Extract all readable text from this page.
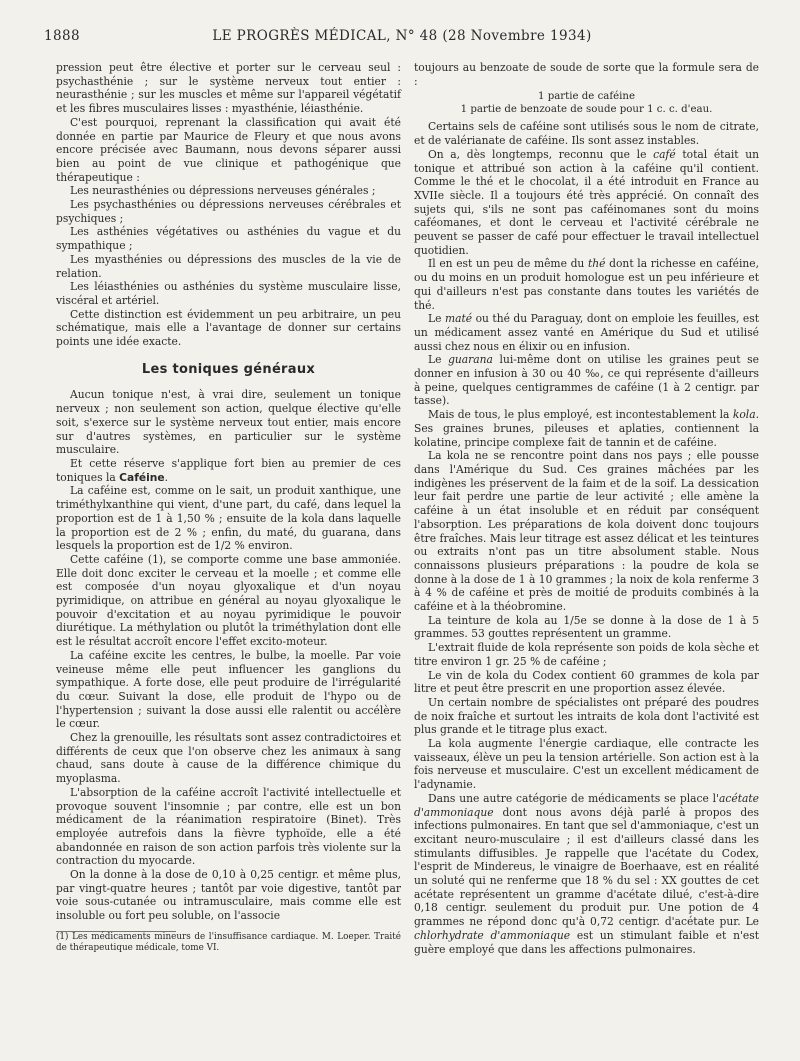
1888	LE PROGRÈS MÉDICAL, N° 48 (28 Novembre 1934)

pression peut être élective et porter sur le cerveau seul : psychasthénie ; sur le système nerveux tout entier : neurasthénie ; sur les muscles et même sur l'appareil végétatif et les fibres musculaires lisses : myasthénie, léiasthénie.

C'est pourquoi, reprenant la classification qui avait été donnée en partie par Maurice de Fleury et que nous avons encore précisée avec Baumann, nous devons séparer aussi bien au point de vue clinique et pathogénique que thérapeutique :

Les neurasthénies ou dépressions nerveuses générales ;

Les psychasthénies ou dépressions nerveuses cérébrales et psychiques ;

Les asthénies végétatives ou asthénies du vague et du sympathique ;

Les myasthénies ou dépressions des muscles de la vie de relation.

Les léiasthénies ou asthénies du système musculaire lisse, viscéral et artériel.

Cette distinction est évidemment un peu arbitraire, un peu schématique, mais elle a l'avantage de donner sur certains points une idée exacte.

Les toniques généraux

Aucun tonique n'est, à vrai dire, seulement un tonique nerveux ; non seulement son action, quelque élective qu'elle soit, s'exerce sur le système nerveux tout entier, mais encore sur d'autres systèmes, en particulier sur le système musculaire.

Et cette réserve s'applique fort bien au premier de ces toniques la Caféine.

La caféine est, comme on le sait, un produit xanthique, une triméthylxanthine qui vient, d'une part, du café, dans lequel la proportion est de 1 à 1,50 % ; ensuite de la kola dans laquelle la proportion est de 2 % ; enfin, du maté, du guarana, dans lesquels la proportion est de 1/2 % environ.

Cette caféine (1), se comporte comme une base ammoniée. Elle doit donc exciter le cerveau et la moelle ; et comme elle est composée d'un noyau glyoxalique et d'un noyau pyrimidique, on attribue en général au noyau glyoxalique le pouvoir d'excitation et au noyau pyrimidique le pouvoir diurétique. La méthylation ou plutôt la triméthylation dont elle est le résultat accroît encore l'effet excito-moteur.

La caféine excite les centres, le bulbe, la moelle. Par voie veineuse même elle peut influencer les ganglions du sympathique. A forte dose, elle peut produire de l'irrégularité du cœur. Suivant la dose, elle produit de l'hypo ou de l'hypertension ; suivant la dose aussi elle ralentit ou accélère le cœur.

Chez la grenouille, les résultats sont assez contradictoires et différents de ceux que l'on observe chez les animaux à sang chaud, sans doute à cause de la différence chimique du myoplasma.

L'absorption de la caféine accroît l'activité intellectuelle et provoque souvent l'insomnie ; par contre, elle est un bon médicament de la réanimation respiratoire (Binet). Très employée autrefois dans la fièvre typhoïde, elle a été abandonnée en raison de son action parfois très violente sur la contraction du myocarde.

On la donne à la dose de 0,10 à 0,25 centigr. et même plus, par vingt-quatre heures ; tantôt par voie digestive, tantôt par voie sous-cutanée ou intramusculaire, mais comme elle est insoluble ou fort peu soluble, on l'associe

(1) Les médicaments mineurs de l'insuffisance cardiaque. M. Loeper. Traité de thérapeutique médicale, tome VI.

toujours au benzoate de soude de sorte que la formule sera de :

1 partie de caféine
1 partie de benzoate de soude pour 1 c. c. d'eau.

Certains sels de caféine sont utilisés sous le nom de citrate, et de valérianate de caféine. Ils sont assez instables.

On a, dès longtemps, reconnu que le café total était un tonique et attribué son action à la caféine qu'il contient. Comme le thé et le chocolat, il a été introduit en France au XVIIe siècle. Il a toujours été très apprécié. On connaît des sujets qui, s'ils ne sont pas caféinomanes sont du moins caféomanes, et dont le cerveau et l'activité cérébrale ne peuvent se passer de café pour effectuer le travail intellectuel quotidien.

Il en est un peu de même du thé dont la richesse en caféine, ou du moins en un produit homologue est un peu inférieure et qui d'ailleurs n'est pas constante dans toutes les variétés de thé.

Le maté ou thé du Paraguay, dont on emploie les feuilles, est un médicament assez vanté en Amérique du Sud et utilisé aussi chez nous en élixir ou en infusion.

Le guarana lui-même dont on utilise les graines peut se donner en infusion à 30 ou 40 ‰, ce qui représente d'ailleurs à peine, quelques centigrammes de caféine (1 à 2 centigr. par tasse).

Mais de tous, le plus employé, est incontestablement la kola. Ses graines brunes, pileuses et aplaties, contiennent la kolatine, principe complexe fait de tannin et de caféine.

La kola ne se rencontre point dans nos pays ; elle pousse dans l'Amérique du Sud. Ces graines mâchées par les indigènes les préservent de la faim et de la soif. La dessication leur fait perdre une partie de leur activité ; elle amène la caféine à un état insoluble et en réduit par conséquent l'absorption. Les préparations de kola doivent donc toujours être fraîches. Mais leur titrage est assez délicat et les teintures ou extraits n'ont pas un titre absolument stable. Nous connaissons plusieurs préparations : la poudre de kola se donne à la dose de 1 à 10 grammes ; la noix de kola renferme 3 à 4 % de caféine et près de moitié de produits combinés à la caféine et à la théobromine.

La teinture de kola au 1/5e se donne à la dose de 1 à 5 grammes. 53 gouttes représentent un gramme.

L'extrait fluide de kola représente son poids de kola sèche et titre environ 1 gr. 25 % de caféine ;

Le vin de kola du Codex contient 60 grammes de kola par litre et peut être prescrit en une proportion assez élevée.

Un certain nombre de spécialistes ont préparé des poudres de noix fraîche et surtout les intraits de kola dont l'activité est plus grande et le titrage plus exact.

La kola augmente l'énergie cardiaque, elle contracte les vaisseaux, élève un peu la tension artérielle. Son action est à la fois nerveuse et musculaire. C'est un excellent médicament de l'adynamie.

Dans une autre catégorie de médicaments se place l'acétate d'ammoniaque dont nous avons déjà parlé à propos des infections pulmonaires. En tant que sel d'ammoniaque, c'est un excitant neuro-musculaire ; il est d'ailleurs classé dans les stimulants diffusibles. Je rappelle que l'acétate du Codex, l'esprit de Mindereus, le vinaigre de Boerhaave, est en réalité un soluté qui ne renferme que 18 % du sel : XX gouttes de cet acétate représentent un gramme d'acétate dilué, c'est-à-dire 0,18 centigr. seulement du produit pur. Une potion de 4 grammes ne répond donc qu'à 0,72 centigr. d'acétate pur. Le chlorhydrate d'ammoniaque est un stimulant faible et n'est guère employé que dans les affections pulmonaires.
